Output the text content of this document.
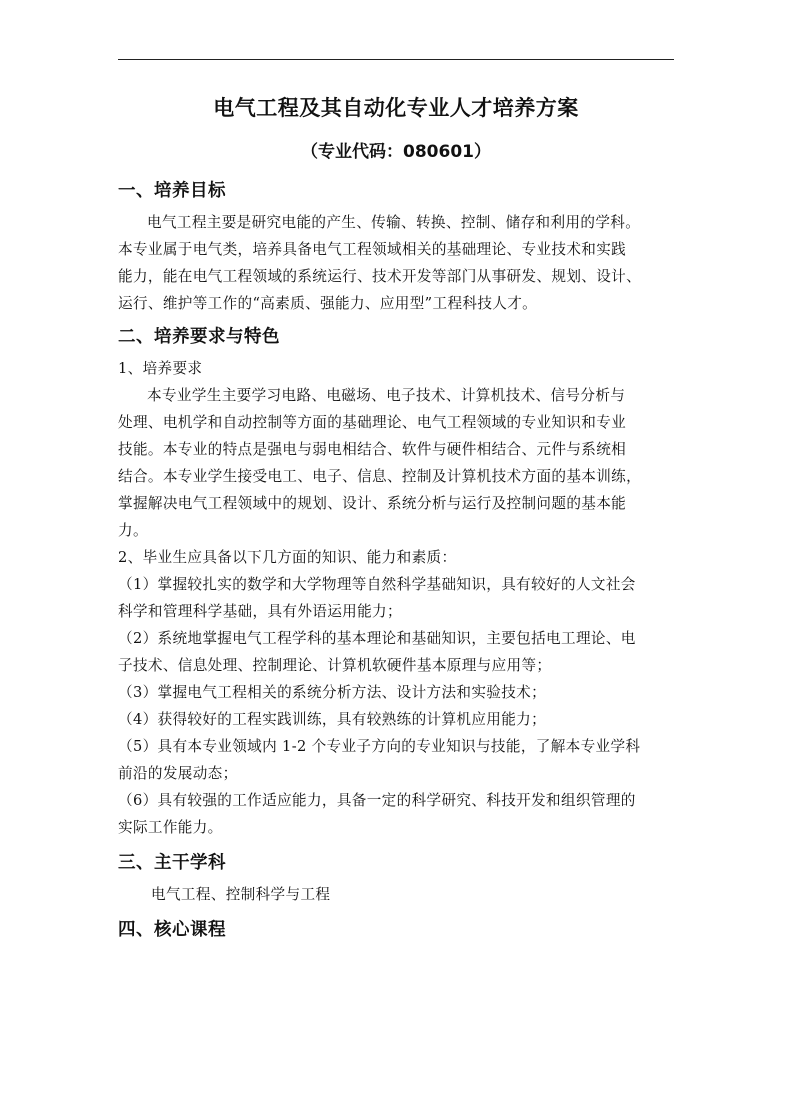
电气工程及其自动化专业人才培养方案
（专业代码：080601）
一、培养目标

电气工程主要是研究电能的产生、传输、转换、控制、储存和利用的学科。

本专业属于电气类，培养具备电气工程领域相关的基础理论、专业技术和实践

能力，能在电气工程领域的系统运行、技术开发等部门从事研发、规划、设计、

运行、维护等工作的“高素质、强能力、应用型”工程科技人才。

二、培养要求与特色

1、培养要求

本专业学生主要学习电路、电磁场、电子技术、计算机技术、信号分析与

处理、电机学和自动控制等方面的基础理论、电气工程领域的专业知识和专业

技能。本专业的特点是强电与弱电相结合、软件与硬件相结合、元件与系统相

结合。本专业学生接受电工、电子、信息、控制及计算机技术方面的基本训练，

掌握解决电气工程领域中的规划、设计、系统分析与运行及控制问题的基本能

力。

2、毕业生应具备以下几方面的知识、能力和素质：

（1）掌握较扎实的数学和大学物理等自然科学基础知识，具有较好的人文社会

科学和管理科学基础，具有外语运用能力；

（2）系统地掌握电气工程学科的基本理论和基础知识，主要包括电工理论、电

子技术、信息处理、控制理论、计算机软硬件基本原理与应用等；

（3）掌握电气工程相关的系统分析方法、设计方法和实验技术；

（4）获得较好的工程实践训练，具有较熟练的计算机应用能力；

（5）具有本专业领域内 1-2 个专业子方向的专业知识与技能，了解本专业学科

前沿的发展动态；

（6）具有较强的工作适应能力，具备一定的科学研究、科技开发和组织管理的

实际工作能力。

三、主干学科

电气工程、控制科学与工程

四、核心课程
